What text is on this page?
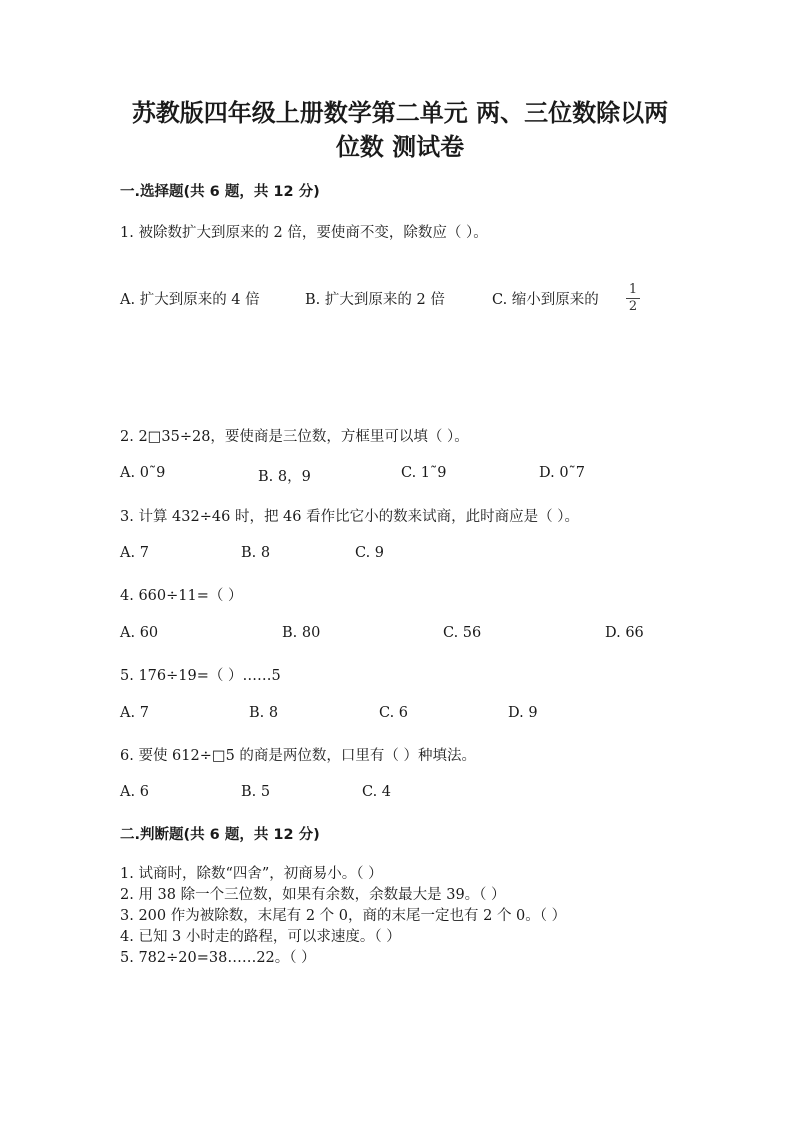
苏教版四年级上册数学第二单元 两、三位数除以两
位数 测试卷
一.选择题(共 6 题，共 12 分)
1. 被除数扩大到原来的 2 倍，要使商不变，除数应（ ）。
A. 扩大到原来的 4 倍	B. 扩大到原来的 2 倍	C. 缩小到原来的
1
2
2. 2□35÷28，要使商是三位数，方框里可以填（ ）。
A. 0˜9	B. 8，9	C. 1˜9	D. 0˜7
3. 计算 432÷46 时，把 46 看作比它小的数来试商，此时商应是（ ）。
A. 7	B. 8	C. 9
4. 660÷11=（ ）
A. 60	B. 80	C. 56	D. 66
5. 176÷19=（ ）……5
A. 7	B. 8	C. 6	D. 9
6. 要使 612÷□5 的商是两位数，口里有（ ）种填法。
A. 6	B. 5	C. 4
二.判断题(共 6 题，共 12 分)
1. 试商时，除数“四舍”，初商易小。（ ）
2. 用 38 除一个三位数，如果有余数，余数最大是 39。（ ）
3. 200 作为被除数，末尾有 2 个 0，商的末尾一定也有 2 个 0。（ ）
4. 已知 3 小时走的路程，可以求速度。（ ）
5. 782÷20=38……22。（ ）
